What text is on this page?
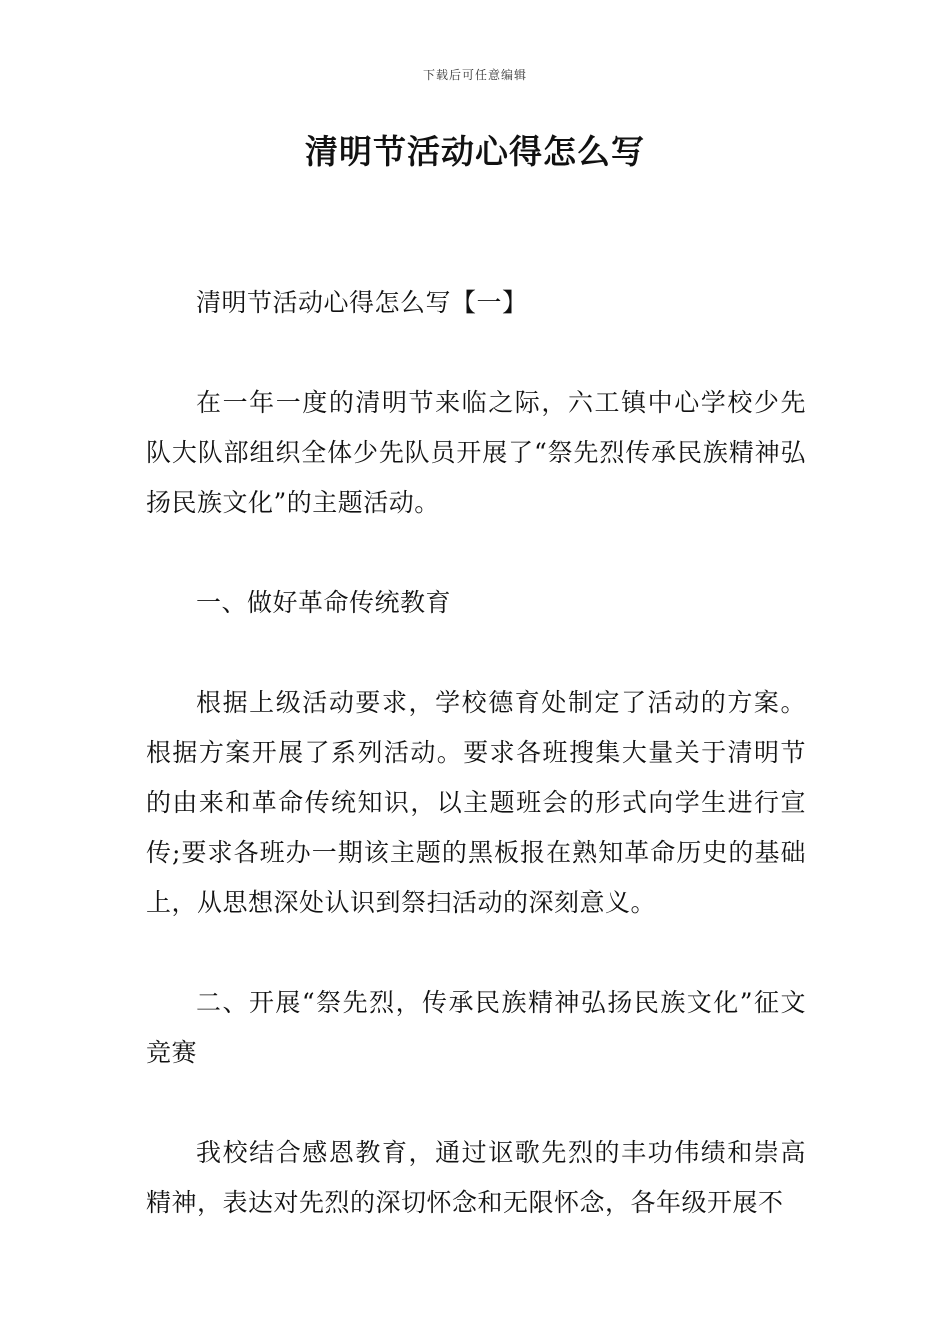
下载后可任意编辑
清明节活动心得怎么写

清明节活动心得怎么写【一】

在一年一度的清明节来临之际，六工镇中心学校少先队大队部组织全体少先队员开展了“祭先烈传承民族精神弘扬民族文化”的主题活动。

一、做好革命传统教育

根据上级活动要求，学校德育处制定了活动的方案。根据方案开展了系列活动。要求各班搜集大量关于清明节的由来和革命传统知识，以主题班会的形式向学生进行宣传;要求各班办一期该主题的黑板报在熟知革命历史的基础上，从思想深处认识到祭扫活动的深刻意义。

二、开展“祭先烈，传承民族精神弘扬民族文化”征文竞赛

我校结合感恩教育，通过讴歌先烈的丰功伟绩和崇高精神，表达对先烈的深切怀念和无限怀念，各年级开展不
